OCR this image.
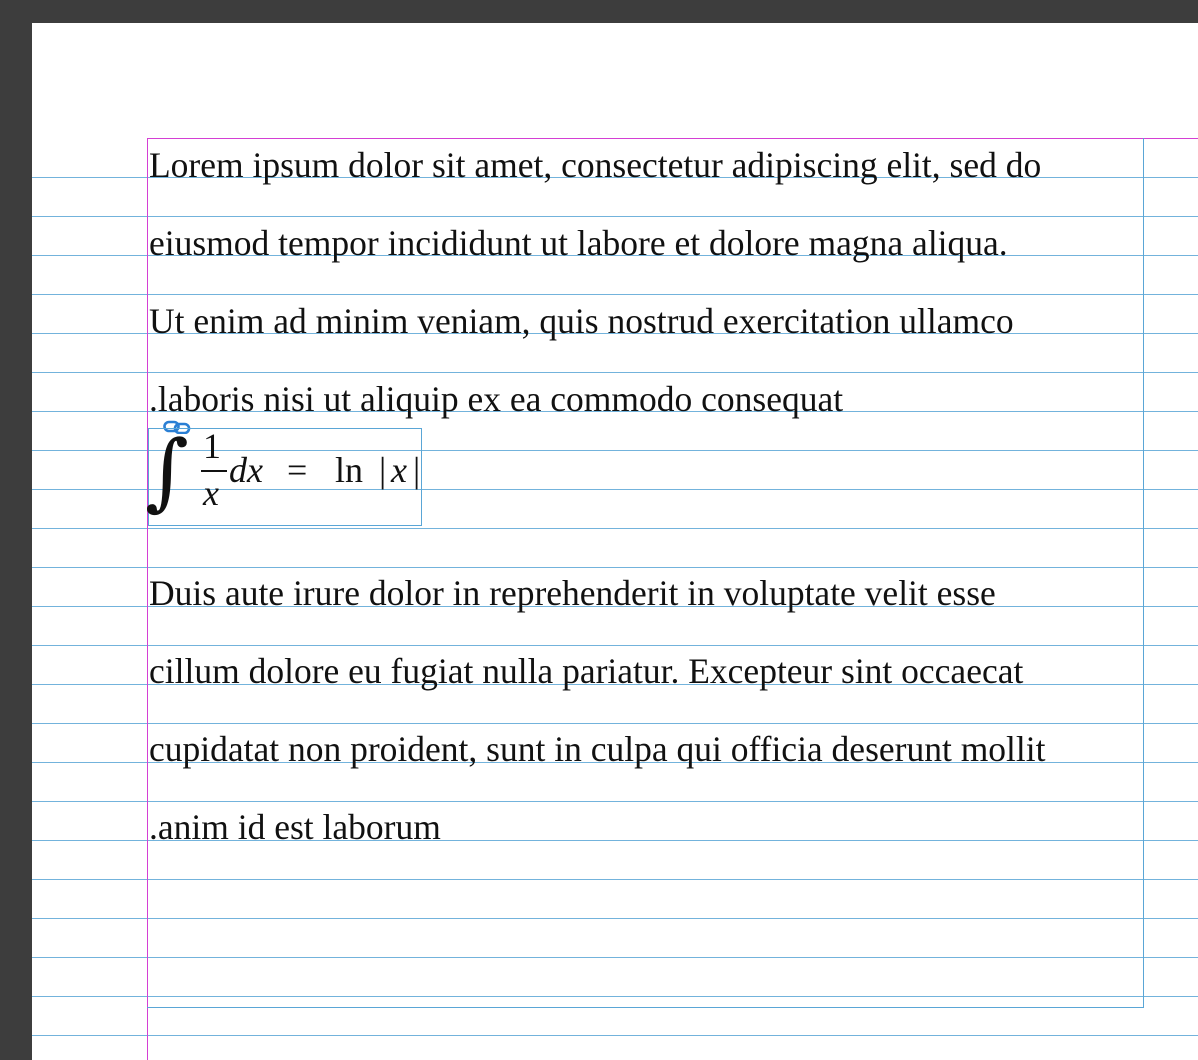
Lorem ipsum dolor sit amet, consectetur adipiscing elit, sed do

eiusmod tempor incididunt ut labore et dolore magna aliqua.

Ut enim ad minim veniam, quis nostrud exercitation ullamco

.laboris nisi ut aliquip ex ea commodo consequat

∫ 1
x
dx = ln | x |

Duis aute irure dolor in reprehenderit in voluptate velit esse

cillum dolore eu fugiat nulla pariatur. Excepteur sint occaecat

cupidatat non proident, sunt in culpa qui officia deserunt mollit

.anim id est laborum
